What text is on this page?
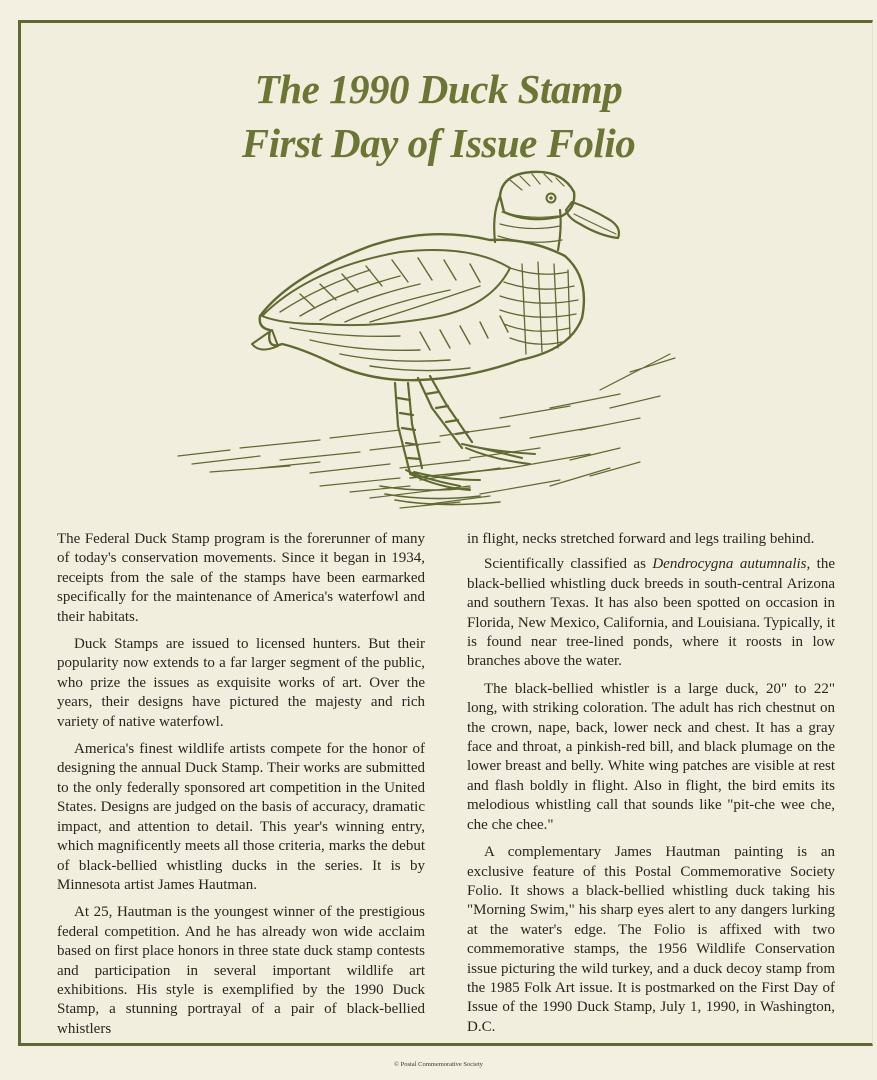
The 1990 Duck Stamp
First Day of Issue Folio

The Federal Duck Stamp program is the forerunner of many of today's conservation movements. Since it began in 1934, receipts from the sale of the stamps have been earmarked specifically for the maintenance of America's waterfowl and their habitats.

Duck Stamps are issued to licensed hunters. But their popularity now extends to a far larger segment of the public, who prize the issues as exquisite works of art. Over the years, their designs have pictured the majesty and rich variety of native waterfowl.

America's finest wildlife artists compete for the honor of designing the annual Duck Stamp. Their works are submitted to the only federally sponsored art competition in the United States. Designs are judged on the basis of accuracy, dramatic impact, and attention to detail. This year's winning entry, which magnificently meets all those criteria, marks the debut of black-bellied whistling ducks in the series. It is by Minnesota artist James Hautman.

At 25, Hautman is the youngest winner of the prestigious federal competition. And he has already won wide acclaim based on first place honors in three state duck stamp contests and participation in several important wildlife art exhibitions. His style is exemplified by the 1990 Duck Stamp, a stunning portrayal of a pair of black-bellied whistlers

in flight, necks stretched forward and legs trailing behind.

Scientifically classified as Dendrocygna autumnalis, the black-bellied whistling duck breeds in south-central Arizona and southern Texas. It has also been spotted on occasion in Florida, New Mexico, California, and Louisiana. Typically, it is found near tree-lined ponds, where it roosts in low branches above the water.

The black-bellied whistler is a large duck, 20" to 22" long, with striking coloration. The adult has rich chestnut on the crown, nape, back, lower neck and chest. It has a gray face and throat, a pinkish-red bill, and black plumage on the lower breast and belly. White wing patches are visible at rest and flash boldly in flight. Also in flight, the bird emits its melodious whistling call that sounds like "pit-che wee che, che che chee."

A complementary James Hautman painting is an exclusive feature of this Postal Commemorative Society Folio. It shows a black-bellied whistling duck taking his "Morning Swim," his sharp eyes alert to any dangers lurking at the water's edge. The Folio is affixed with two commemorative stamps, the 1956 Wildlife Conservation issue picturing the wild turkey, and a duck decoy stamp from the 1985 Folk Art issue. It is postmarked on the First Day of Issue of the 1990 Duck Stamp, July 1, 1990, in Washington, D.C.

© Postal Commemorative Society
